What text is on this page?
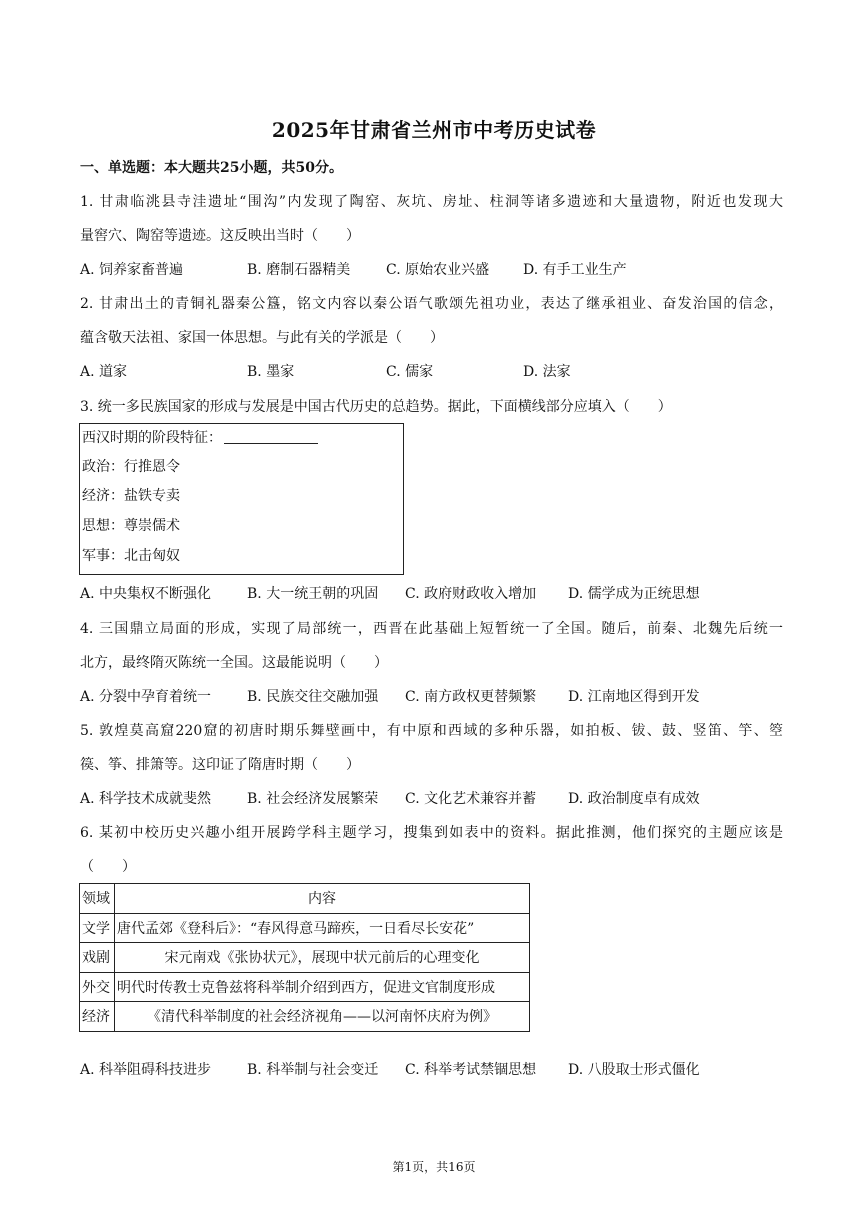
2025年甘肃省兰州市中考历史试卷
一、单选题：本大题共25小题，共50分。
1. 甘肃临洮县寺洼遗址“围沟”内发现了陶窑、灰坑、房址、柱洞等诸多遗迹和大量遗物，附近也发现大
量窖穴、陶窑等遗迹。这反映出当时（　　）
A. 饲养家畜普遍	B. 磨制石器精美	C. 原始农业兴盛 D. 有手工业生产
2. 甘肃出土的青铜礼器秦公簋，铭文内容以秦公语气歌颂先祖功业，表达了继承祖业、奋发治国的信念，
蕴含敬天法祖、家国一体思想。与此有关的学派是（　　）
A. 道家	B. 墨家	C. 儒家	D. 法家
3. 统一多民族国家的形成与发展是中国古代历史的总趋势。据此，下面横线部分应填入（　　）
西汉时期的阶段特征：
政治：行推恩令
经济：盐铁专卖
思想：尊崇儒术
军事：北击匈奴
A. 中央集权不断强化	B. 大一统王朝的巩固 C. 政府财政收入增加 D. 儒学成为正统思想
4. 三国鼎立局面的形成，实现了局部统一，西晋在此基础上短暂统一了全国。随后，前秦、北魏先后统一
北方，最终隋灭陈统一全国。这最能说明（　　）
A. 分裂中孕育着统一	B. 民族交往交融加强 C. 南方政权更替频繁 D. 江南地区得到开发
5. 敦煌莫高窟220窟的初唐时期乐舞壁画中，有中原和西域的多种乐器，如拍板、钹、鼓、竖笛、竽、箜
篌、筝、排箫等。这印证了隋唐时期（　　）
A. 科学技术成就斐然	B. 社会经济发展繁荣 C. 文化艺术兼容并蓄 D. 政治制度卓有成效
6. 某初中校历史兴趣小组开展跨学科主题学习，搜集到如表中的资料。据此推测，他们探究的主题应该是
（　　）
领域	内容
文学	唐代孟郊《登科后》：“春风得意马蹄疾，一日看尽长安花”
戏剧	宋元南戏《张协状元》，展现中状元前后的心理变化
外交	明代时传教士克鲁兹将科举制介绍到西方，促进文官制度形成
经济	《清代科举制度的社会经济视角——以河南怀庆府为例》
A. 科举阻碍科技进步	B. 科举制与社会变迁 C. 科举考试禁锢思想 D. 八股取士形式僵化
第1页，共16页
